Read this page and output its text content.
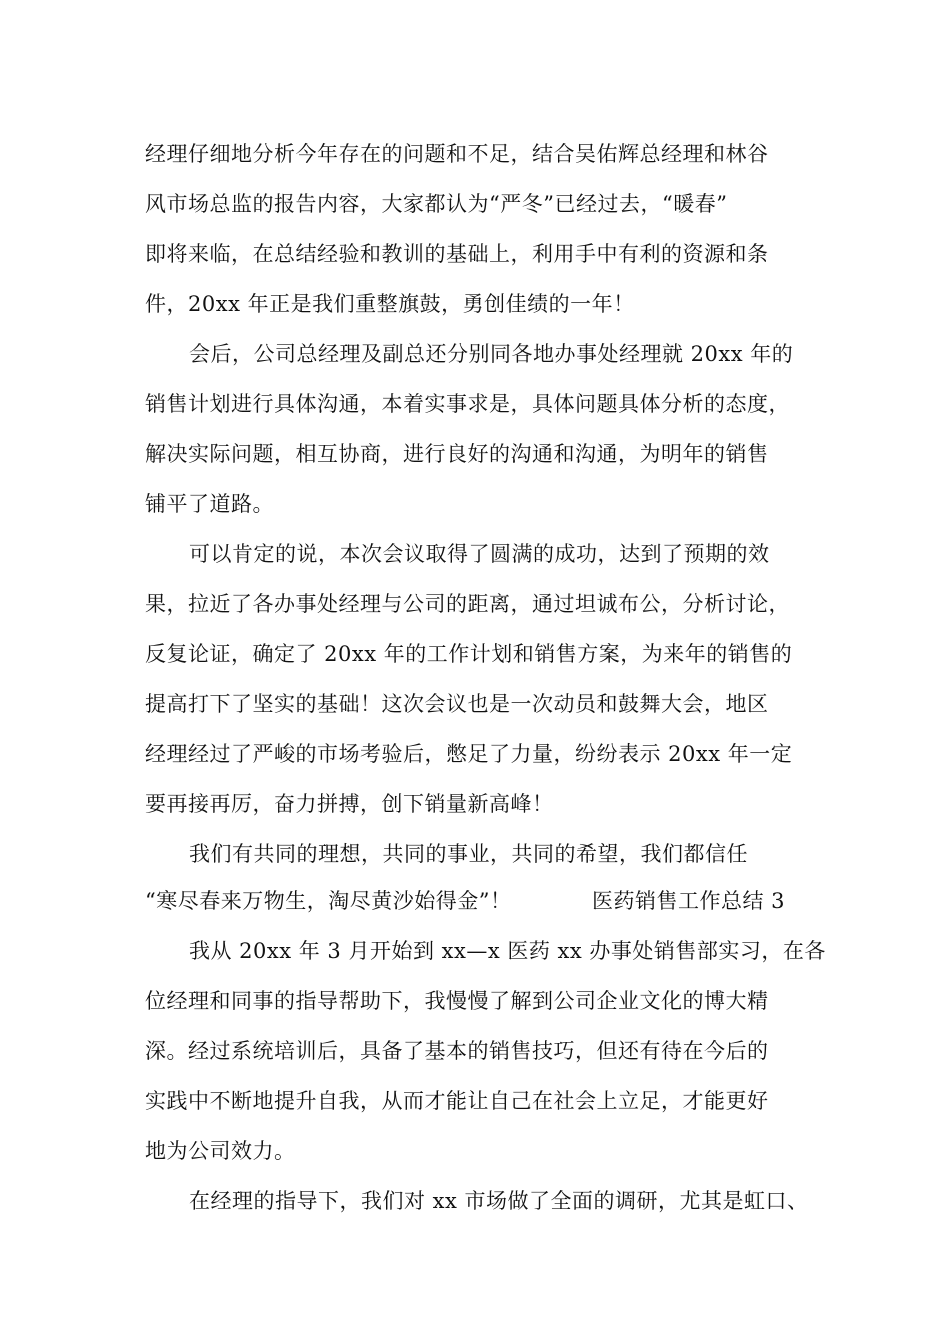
经理仔细地分析今年存在的问题和不足，结合吴佑辉总经理和林谷
风市场总监的报告内容，大家都认为“严冬”已经过去，“暖春”
即将来临，在总结经验和教训的基础上，利用手中有利的资源和条
件，20xx 年正是我们重整旗鼓，勇创佳绩的一年！
会后，公司总经理及副总还分别同各地办事处经理就 20xx 年的
销售计划进行具体沟通，本着实事求是，具体问题具体分析的态度，
解决实际问题，相互协商，进行良好的沟通和沟通，为明年的销售
铺平了道路。
可以肯定的说，本次会议取得了圆满的成功，达到了预期的效
果，拉近了各办事处经理与公司的距离，通过坦诚布公，分析讨论，
反复论证，确定了 20xx 年的工作计划和销售方案，为来年的销售的
提高打下了坚实的基础！这次会议也是一次动员和鼓舞大会，地区
经理经过了严峻的市场考验后，憋足了力量，纷纷表示 20xx 年一定
要再接再厉，奋力拼搏，创下销量新高峰！
我们有共同的理想，共同的事业，共同的希望，我们都信任
“寒尽春来万物生，淘尽黄沙始得金”！	医药销售工作总结 3
我从 20xx 年 3 月开始到 xx—x 医药 xx 办事处销售部实习，在各
位经理和同事的指导帮助下，我慢慢了解到公司企业文化的博大精
深。经过系统培训后，具备了基本的销售技巧，但还有待在今后的
实践中不断地提升自我，从而才能让自己在社会上立足，才能更好
地为公司效力。
在经理的指导下，我们对 xx 市场做了全面的调研，尤其是虹口、
